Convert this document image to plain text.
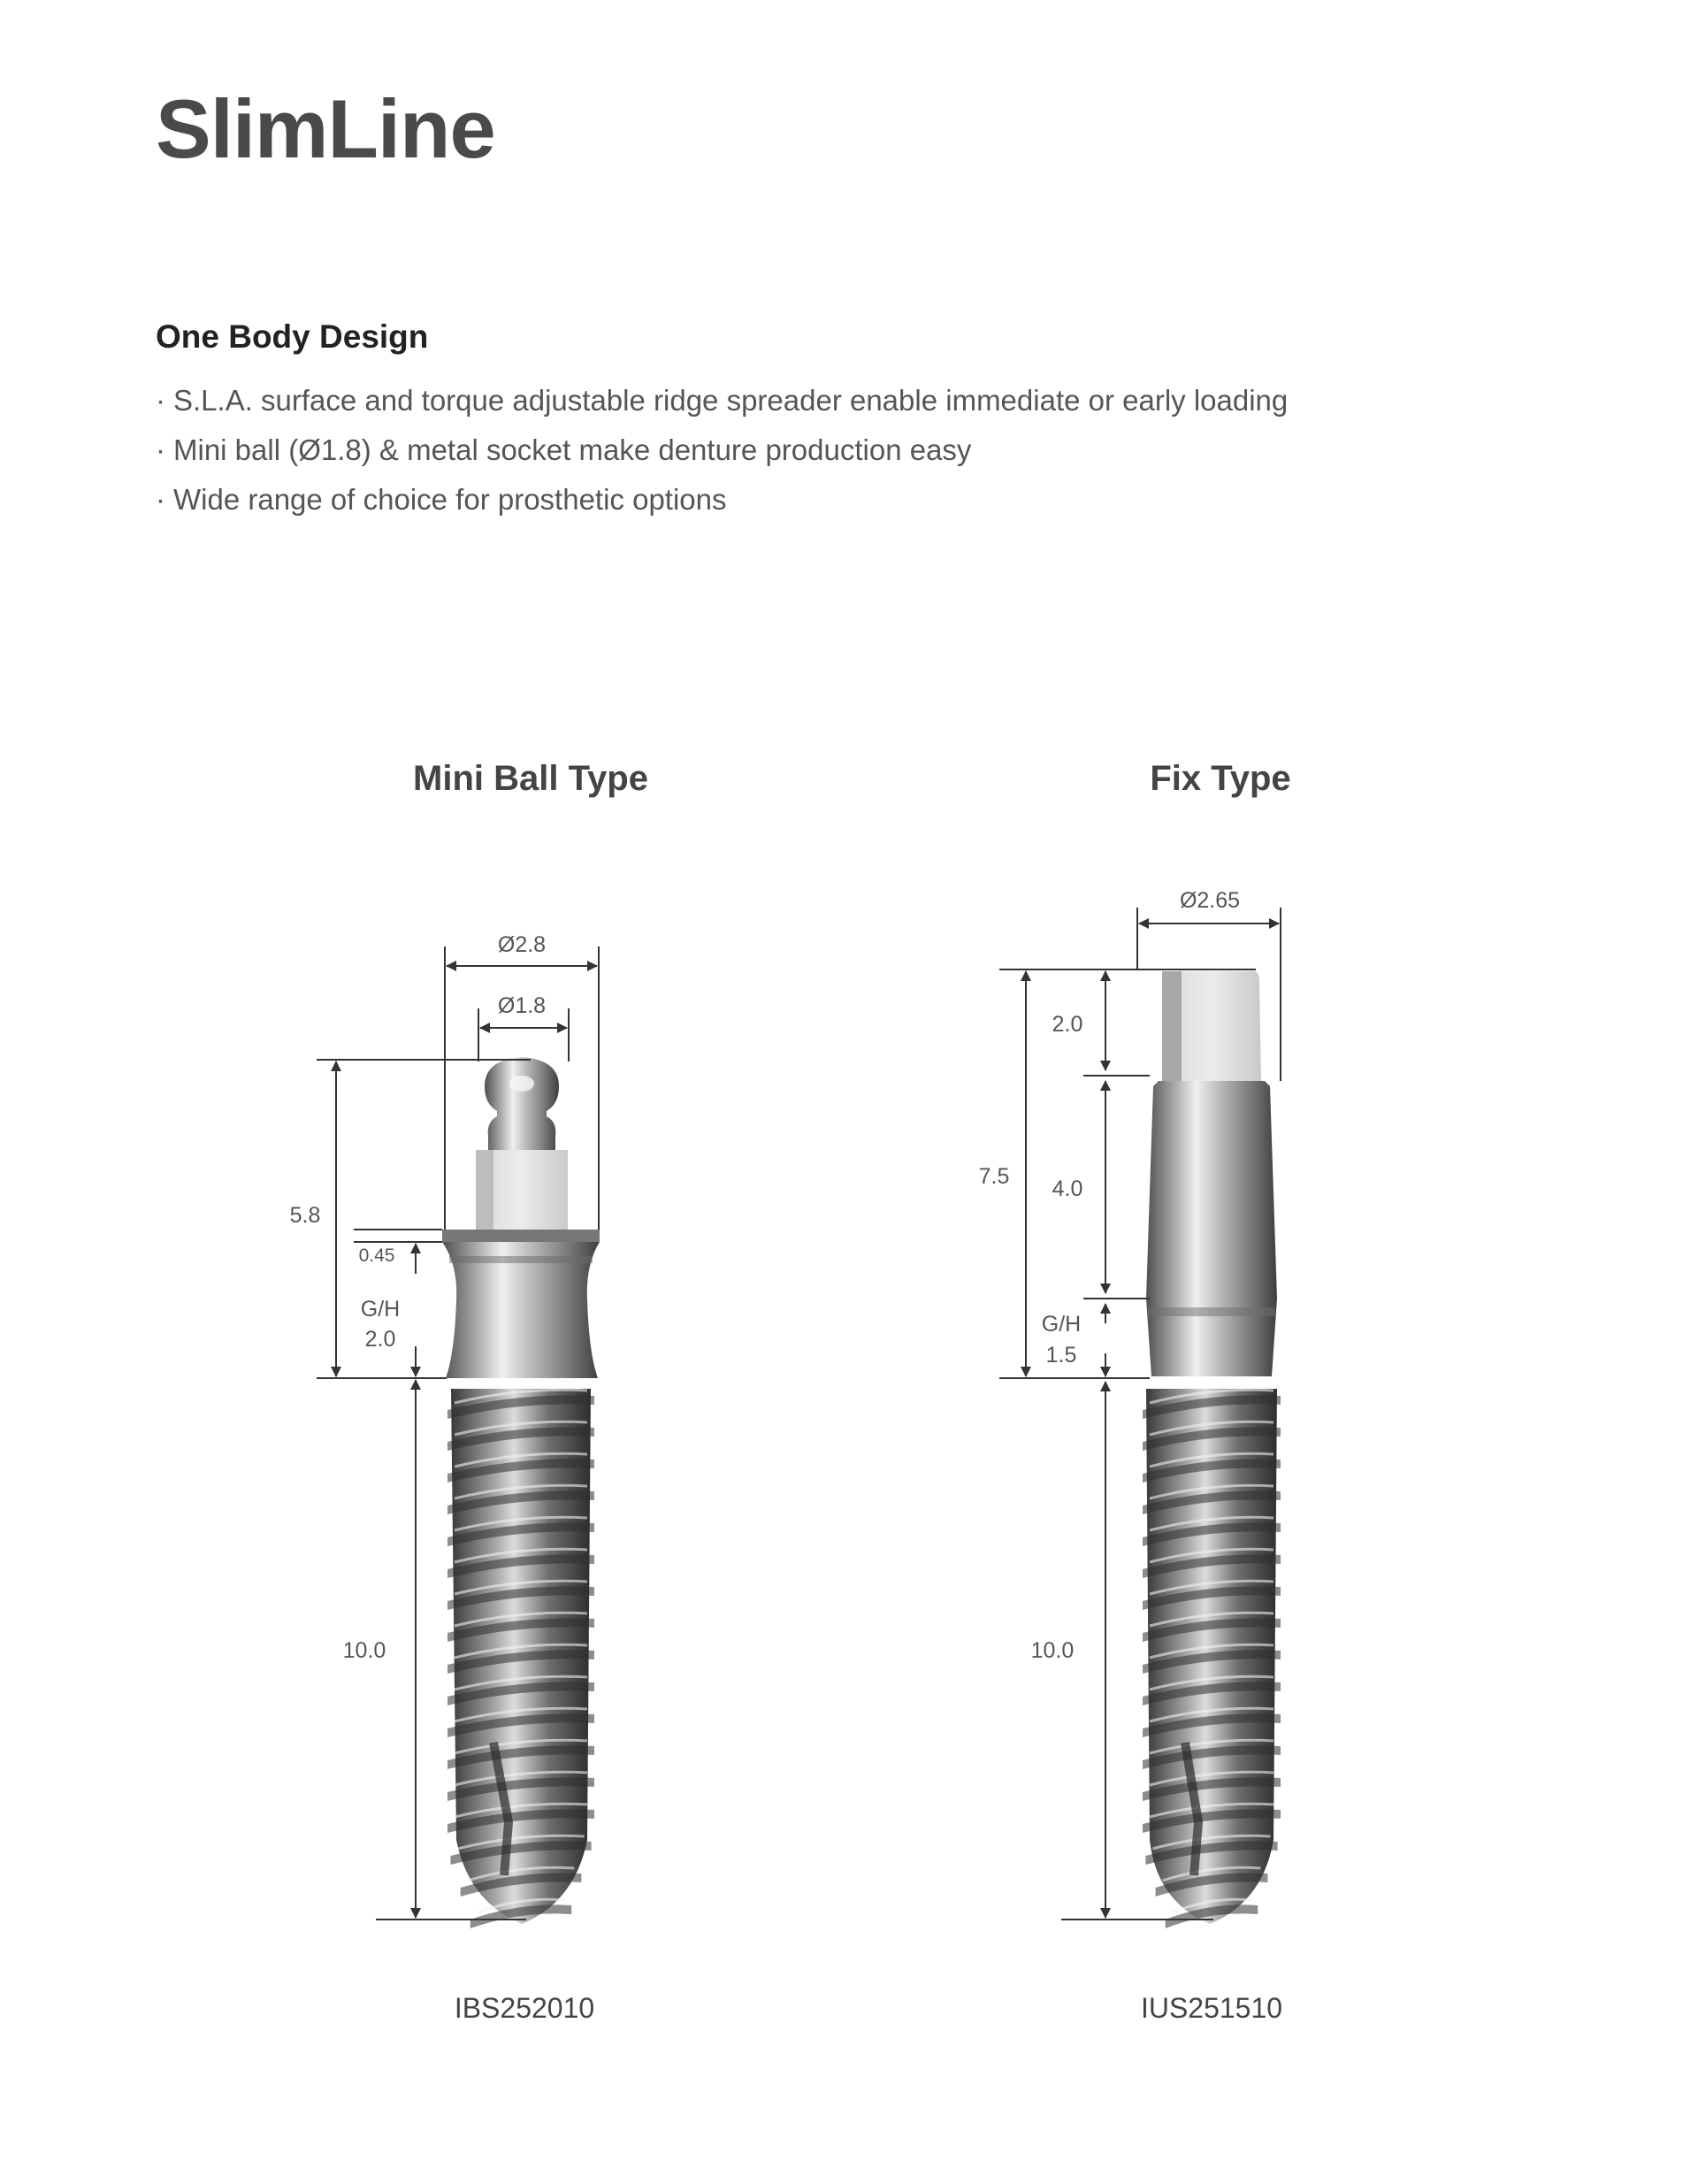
SlimLine
One Body Design
· S.L.A. surface and torque adjustable ridge spreader enable immediate or early loading
· Mini ball (Ø1.8) & metal socket make denture production easy
· Wide range of choice for prosthetic options
Mini Ball Type	Fix Type
Ø2.8
Ø1.8
5.8
0.45
G/H
2.0
10.0
Ø2.65
2.0
7.5 4.0
G/H
1.5
10.0
IBS252010	IUS251510
